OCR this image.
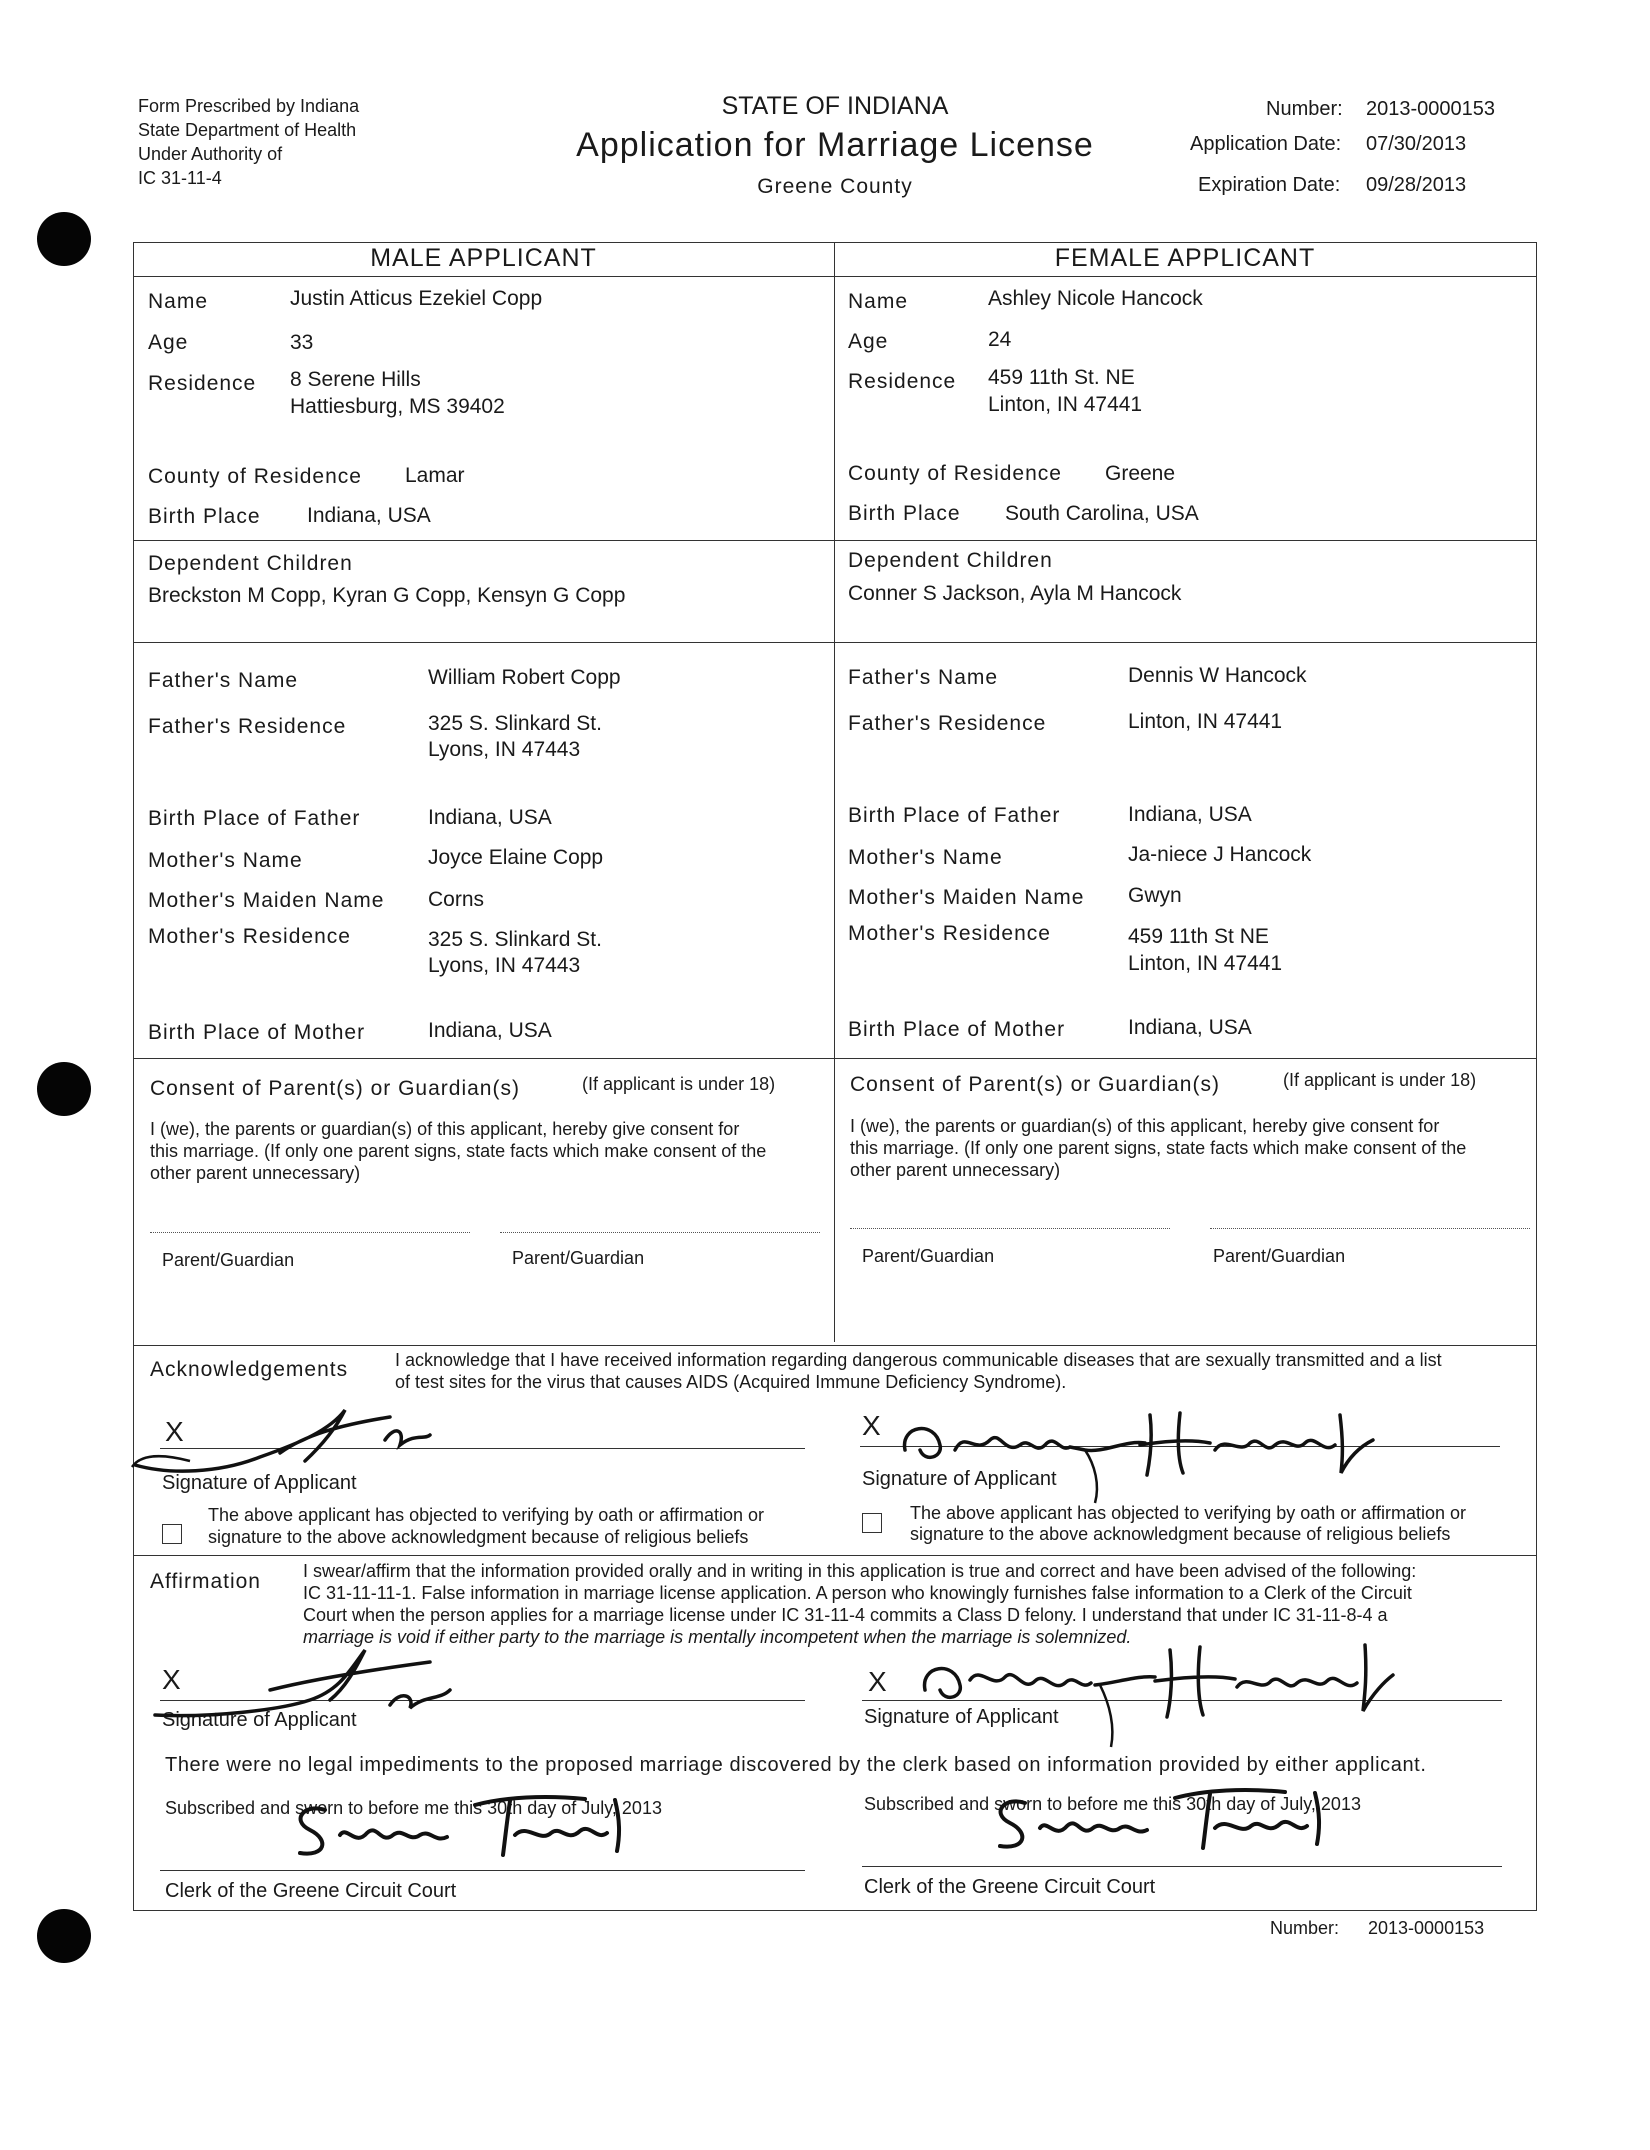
Form Prescribed by Indiana
State Department of Health
Under Authority of
IC 31-11-4
STATE OF INDIANA
Application for Marriage License
Greene County
Number: 2013-0000153
Application Date: 07/30/2013
Expiration Date: 09/28/2013
MALE APPLICANT	FEMALE APPLICANT
Name	Justin Atticus Ezekiel Copp
Age	33
Residence 8 Serene Hills
Hattiesburg, MS 39402
County of Residence Lamar
Birth Place Indiana, USA
Dependent Children
Breckston M Copp, Kyran G Copp, Kensyn G Copp
Father's Name	William Robert Copp
Father's Residence	325 S. Slinkard St.
Lyons, IN 47443
Birth Place of Father	Indiana, USA
Mother's Name	Joyce Elaine Copp
Mother's Maiden Name Corns
Mother's Residence	325 S. Slinkard St.
Lyons, IN 47443
Birth Place of Mother	Indiana, USA
Name	Ashley Nicole Hancock
Age	24
Residence 459 11th St. NE
Linton, IN 47441
County of Residence Greene
Birth Place South Carolina, USA
Dependent Children
Conner S Jackson, Ayla M Hancock
Father's Name	Dennis W Hancock
Father's Residence	Linton, IN 47441
Birth Place of Father	Indiana, USA
Mother's Name	Ja-niece J Hancock
Mother's Maiden Name Gwyn
Mother's Residence	459 11th St NE
Linton, IN 47441
Birth Place of Mother	Indiana, USA
Consent of Parent(s) or Guardian(s)	(If applicant is under 18)
I (we), the parents or guardian(s) of this applicant, hereby give consent for
this marriage. (If only one parent signs, state facts which make consent of the
other parent unnecessary)
Parent/Guardian	Parent/Guardian
Consent of Parent(s) or Guardian(s)	(If applicant is under 18)
I (we), the parents or guardian(s) of this applicant, hereby give consent for
this marriage. (If only one parent signs, state facts which make consent of the
other parent unnecessary)
Parent/Guardian	Parent/Guardian
Acknowledgements	I acknowledge that I have received information regarding dangerous communicable diseases that are sexually transmitted and a list
of test sites for the virus that causes AIDS (Acquired Immune Deficiency Syndrome).
X
Signature of Applicant
The above applicant has objected to verifying by oath or affirmation or
signature to the above acknowledgment because of religious beliefs
X
Signature of Applicant
The above applicant has objected to verifying by oath or affirmation or
signature to the above acknowledgment because of religious beliefs
Affirmation I swear/affirm that the information provided orally and in writing in this application is true and correct and have been advised of the following:
IC 31-11-11-1. False information in marriage license application. A person who knowingly furnishes false information to a Clerk of the Circuit
Court when the person applies for a marriage license under IC 31-11-4 commits a Class D felony. I understand that under IC 31-11-8-4 a
marriage is void if either party to the marriage is mentally incompetent when the marriage is solemnized.
X
Signature of Applicant
X
Signature of Applicant
There were no legal impediments to the proposed marriage discovered by the clerk based on information provided by either applicant.
Subscribed and sworn to before me this 30th day of July, 2013
Clerk of the Greene Circuit Court
Subscribed and sworn to before me this 30th day of July, 2013
Clerk of the Greene Circuit Court
Number: 2013-0000153
